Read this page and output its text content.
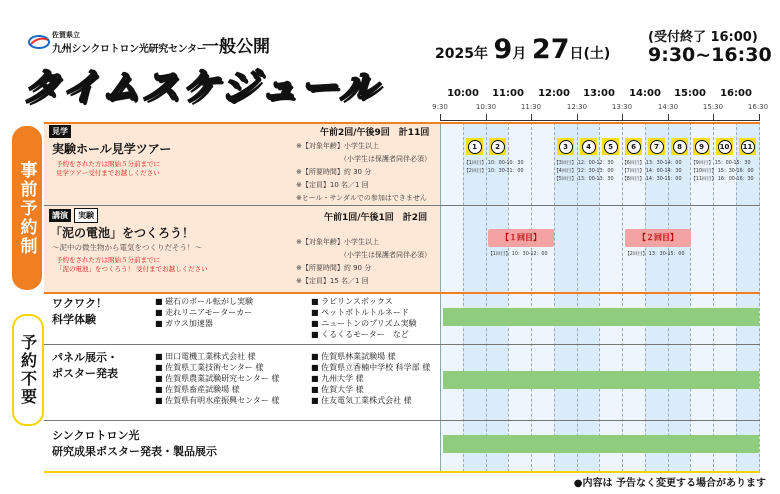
佐賀県立
九州シンクロトロン光研究センター
一般公開
タイムスケジュール
2025年 9月 27日(土)
(受付終了 16:00)
9:30~16:30
10:00	11:00	12:00	13:00	14:00	15:00	16:00
9:30	10:30	11:30	12:30	13:30	14:30	15:30	16:30
事前予約制
予約不要
見学
実験ホール見学ツアー
予約をされた方は開始５分前までに
見学ツアー受付までお越しください
午前2回/午後9回　計11回
※【対象年齢】小学生以上
（小学生は保護者同伴必須）
※【所要時間】約 30 分
※【定員】10 名／1 回
※ヒール・サンダルでの参加はできません
1	2	3	4	5	6	7	8	9	10	11
【1回目】 10：00-10：30
【2回目】 10：30-11：00
【3回目】 12：00-12：30
【4回目】 12：30-13：00
【5回目】 13：00-13：30
【6回目】 13：30-14：00
【7回目】 14：00-14：30
【8回目】 14：30-15：00
【9回目】 15：00-15：30
【10回目】 15：30-16：00
【11回目】 16：00-16：30
講演	実験
「泥の電池」をつくろう！
～泥中の微生物から電気をつくりだそう！～
予約をされた方は開始５分前までに
「泥の電池」をつくろう！ 受付までお越しください
午前1回/午後1回　計2回
※【対象年齢】小学生以上
（小学生は保護者同伴必須）
※【所要時間】約 90 分
※【定員】15 名／1 回
【１回目】
【1回目】 10：30-12：00
【２回目】
【2回目】 13：30-15：00
ワクワク！
科学体験
■ 磁石のボール転がし実験
■ 走れリニアモーターカー
■ ガウス加速器
■ ラビリンスボックス
■ ペットボトルトルネード
■ ニュートンのプリズム実験
■ くるくるモーター　など
パネル展示・
ポスター発表
■ 田口電機工業株式会社 様
■ 佐賀県工業技術センター 様
■ 佐賀県農業試験研究センター 様
■ 佐賀県畜産試験場 様
■ 佐賀県有明水産振興センター 様
■ 佐賀県林業試験場 様
■ 佐賀県立香楠中学校 科学部 様
■ 九州大学 様
■ 佐賀大学 様
■ 住友電気工業株式会社 様
シンクロトロン光
研究成果ポスター発表・製品展示
●内容は 予告なく変更する場合があります
